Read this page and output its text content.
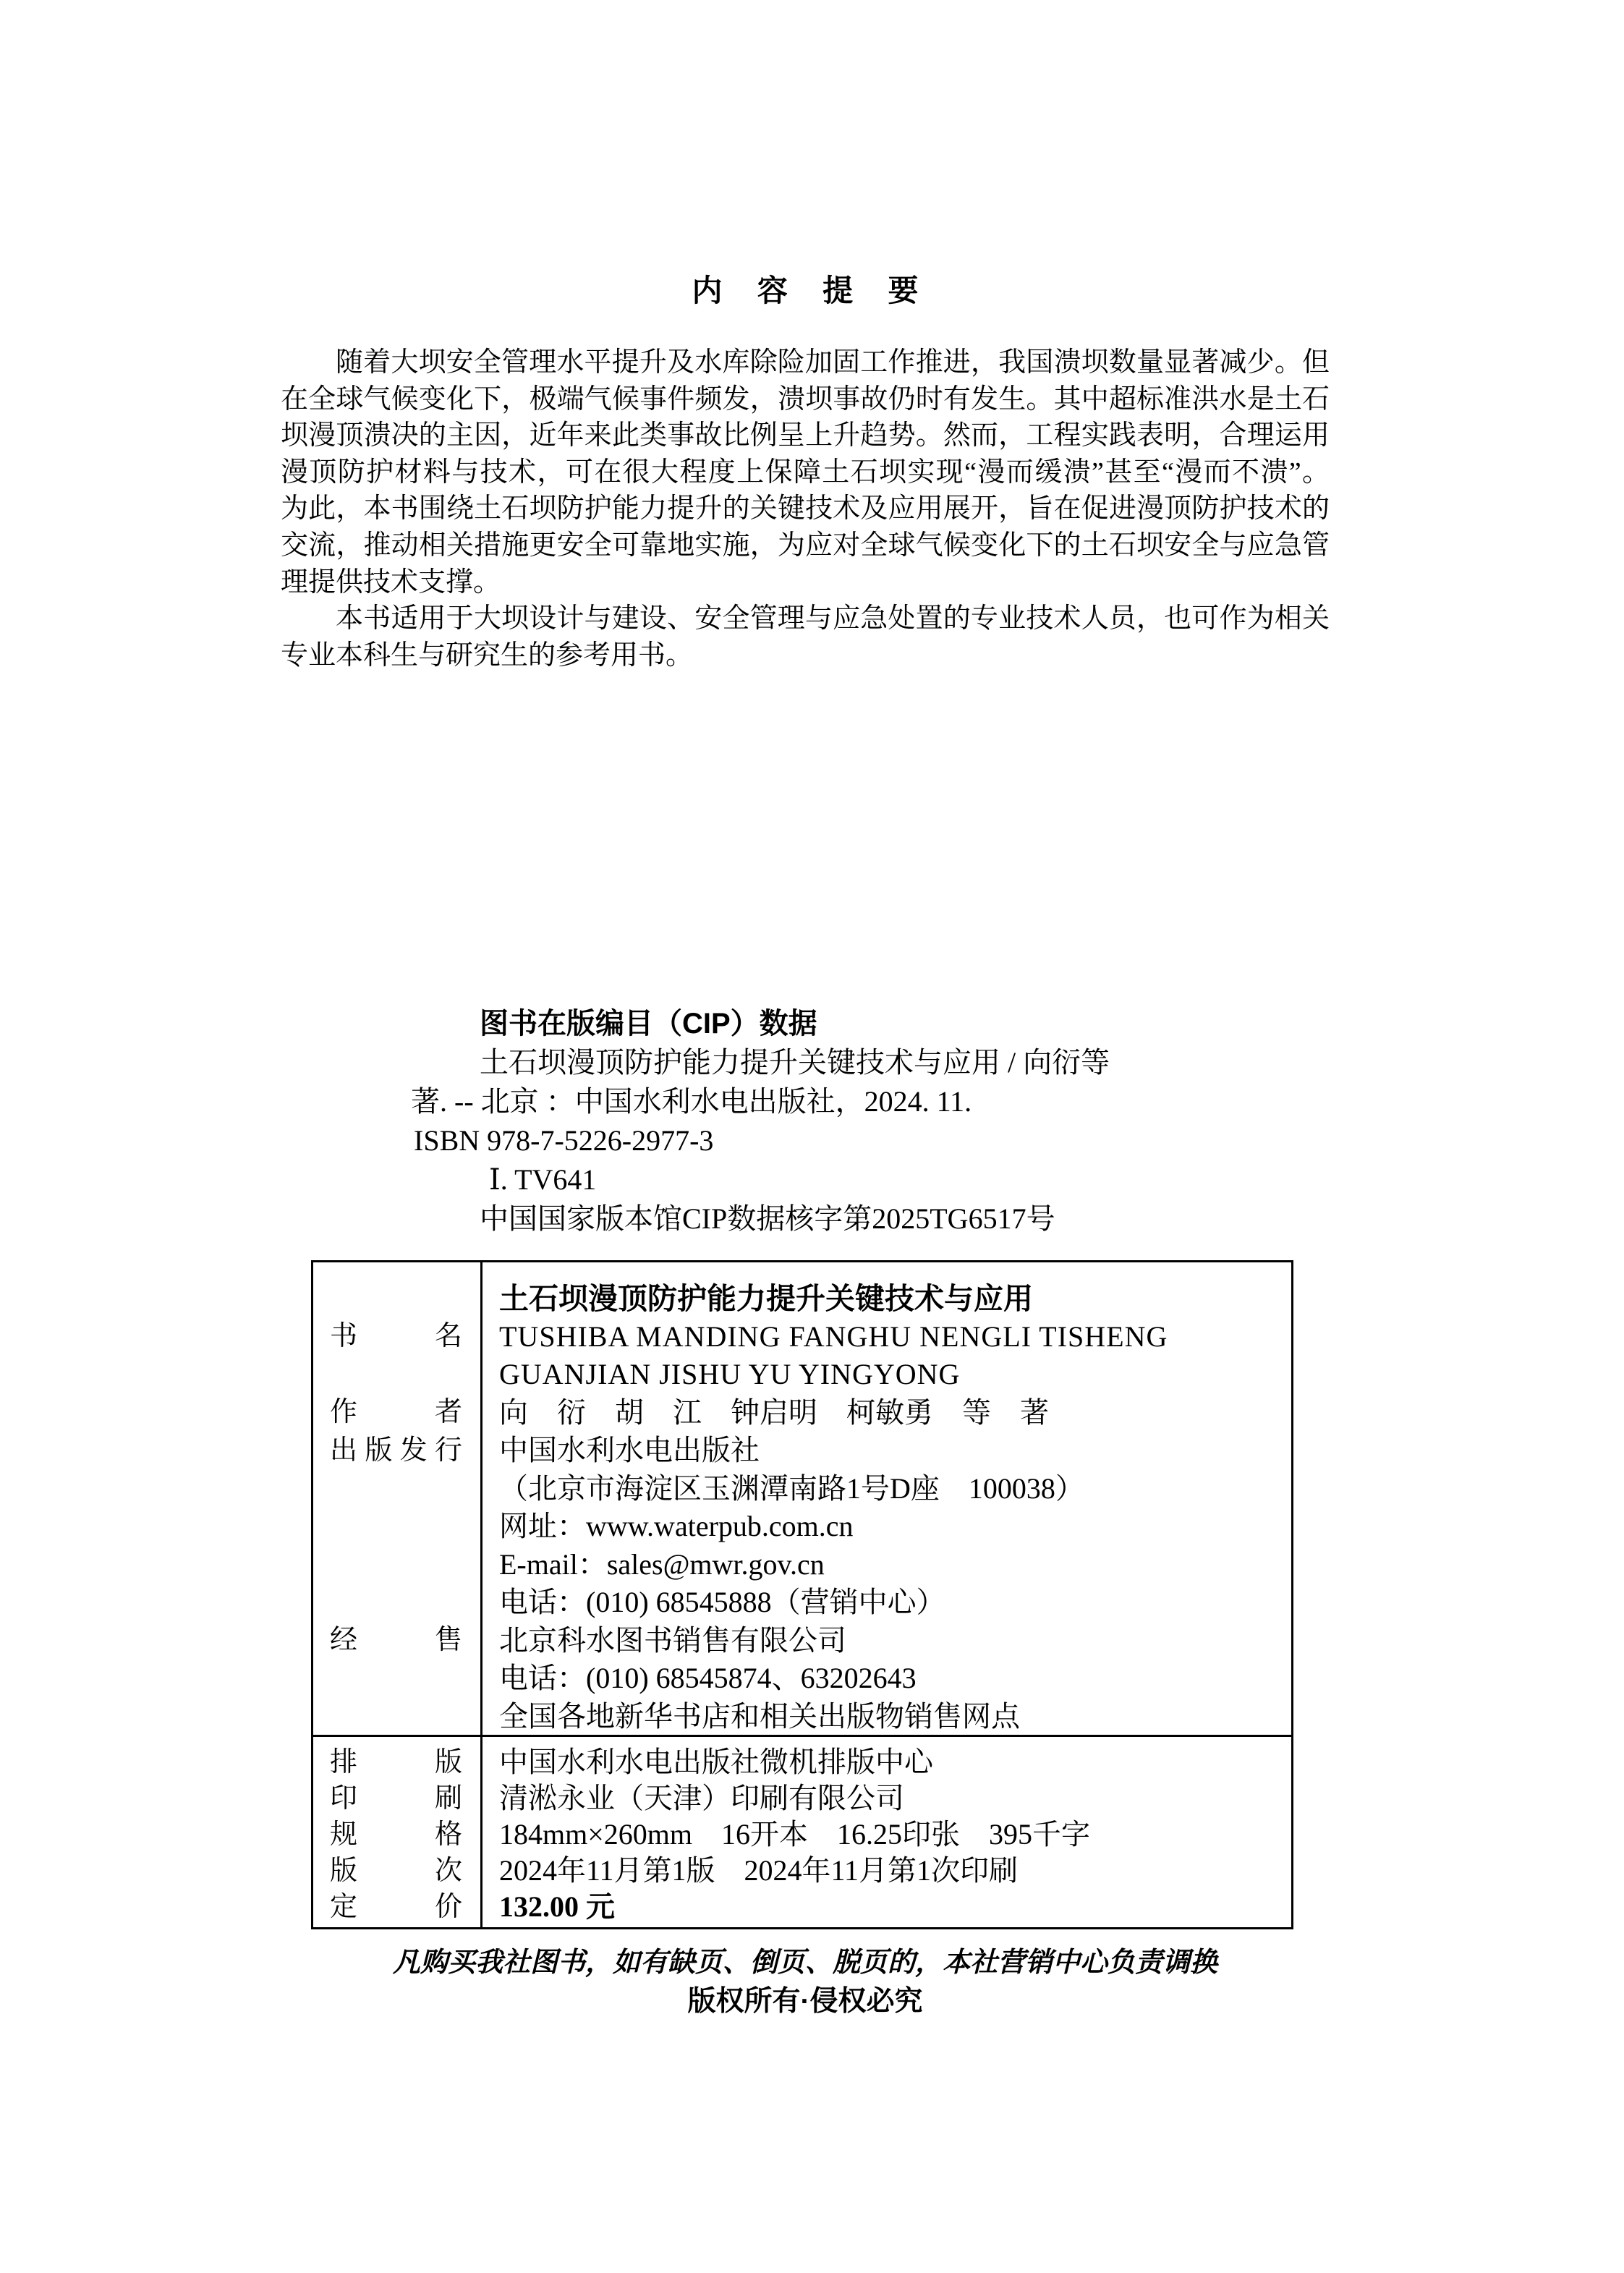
内容提要
随着大坝安全管理水平提升及水库除险加固工作推进，我国溃坝数量显著减少。但
在全球气候变化下，极端气候事件频发，溃坝事故仍时有发生。其中超标准洪水是土石
坝漫顶溃决的主因，近年来此类事故比例呈上升趋势。然而，工程实践表明，合理运用
漫顶防护材料与技术，可在很大程度上保障土石坝实现“漫而缓溃”甚至“漫而不溃”。
为此，本书围绕土石坝防护能力提升的关键技术及应用展开，旨在促进漫顶防护技术的
交流，推动相关措施更安全可靠地实施，为应对全球气候变化下的土石坝安全与应急管
理提供技术支撑。
本书适用于大坝设计与建设、安全管理与应急处置的专业技术人员，也可作为相关
专业本科生与研究生的参考用书。
图书在版编目（CIP）数据
土石坝漫顶防护能力提升关键技术与应用 / 向衍等
著. -- 北京 ：中国水利水电出版社，2024. 11.
ISBN 978-7-5226-2977-3
Ⅰ. TV641
中国国家版本馆CIP数据核字第2025TG6517号
书名
作者
出版发行
经售
土石坝漫顶防护能力提升关键技术与应用
TUSHIBA MANDING FANGHU NENGLI TISHENG
GUANJIAN JISHU YU YINGYONG
向　衍　胡　江　钟启明　柯敏勇　等　著
中国水利水电出版社
（北京市海淀区玉渊潭南路1号D座　100038）
网址：www.waterpub.com.cn
E-mail：sales@mwr.gov.cn
电话：(010) 68545888（营销中心）
北京科水图书销售有限公司
电话：(010) 68545874、63202643
全国各地新华书店和相关出版物销售网点
排版
印刷
规格
版次
定价
中国水利水电出版社微机排版中心
清淞永业（天津）印刷有限公司
184mm×260mm　16开本　16.25印张　395千字
2024年11月第1版　2024年11月第1次印刷
132.00 元
凡购买我社图书，如有缺页、倒页、脱页的，本社营销中心负责调换
版权所有·侵权必究
